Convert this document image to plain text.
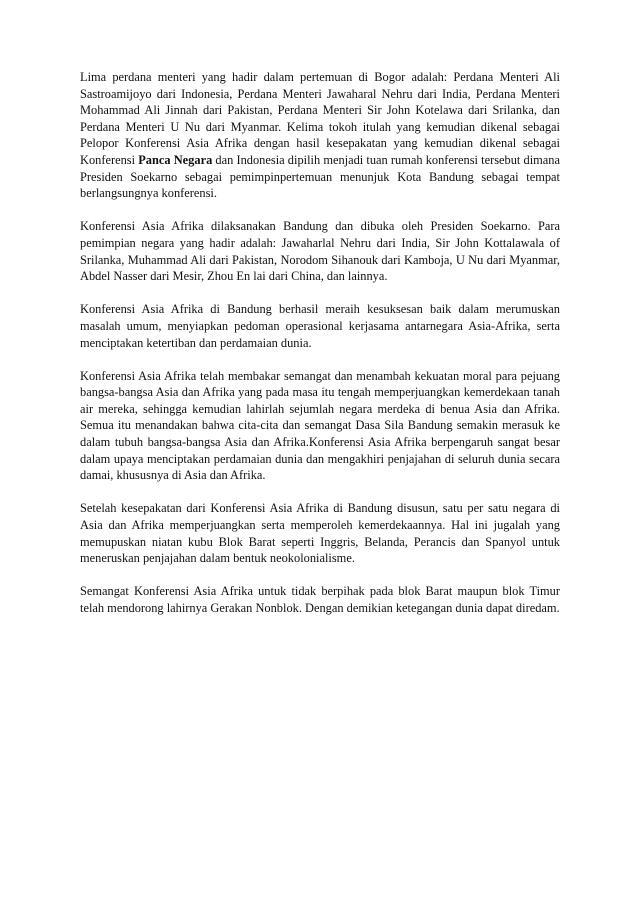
Lima perdana menteri yang hadir dalam pertemuan di Bogor adalah: Perdana Menteri Ali Sastroamijoyo dari Indonesia, Perdana Menteri Jawaharal Nehru dari India, Perdana Menteri Mohammad Ali Jinnah dari Pakistan, Perdana Menteri Sir John Kotelawa dari Srilanka, dan Perdana Menteri U Nu dari Myanmar. Kelima tokoh itulah yang kemudian dikenal sebagai Pelopor Konferensi Asia Afrika dengan hasil kesepakatan yang kemudian dikenal sebagai Konferensi Panca Negara dan Indonesia dipilih menjadi tuan rumah konferensi tersebut dimana Presiden Soekarno sebagai pemimpinpertemuan menunjuk Kota Bandung sebagai tempat berlangsungnya konferensi.

Konferensi Asia Afrika dilaksanakan Bandung dan dibuka oleh Presiden Soekarno. Para pemimpian negara yang hadir adalah: Jawaharlal Nehru dari India, Sir John Kottalawala of Srilanka, Muhammad Ali dari Pakistan, Norodom Sihanouk dari Kamboja, U Nu dari Myanmar, Abdel Nasser dari Mesir, Zhou En lai dari China, dan lainnya.

Konferensi Asia Afrika di Bandung berhasil meraih kesuksesan baik dalam merumuskan masalah umum, menyiapkan pedoman operasional kerjasama antarnegara Asia-Afrika, serta menciptakan ketertiban dan perdamaian dunia.

Konferensi Asia Afrika telah membakar semangat dan menambah kekuatan moral para pejuang bangsa-bangsa Asia dan Afrika yang pada masa itu tengah memperjuangkan kemerdekaan tanah air mereka, sehingga kemudian lahirlah sejumlah negara merdeka di benua Asia dan Afrika. Semua itu menandakan bahwa cita-cita dan semangat Dasa Sila Bandung semakin merasuk ke dalam tubuh bangsa-bangsa Asia dan Afrika.Konferensi Asia Afrika berpengaruh sangat besar dalam upaya menciptakan perdamaian dunia dan mengakhiri penjajahan di seluruh dunia secara damai, khususnya di Asia dan Afrika.

Setelah kesepakatan dari Konferensi Asia Afrika di Bandung disusun, satu per satu negara di Asia dan Afrika memperjuangkan serta memperoleh kemerdekaannya. Hal ini jugalah yang memupuskan niatan kubu Blok Barat seperti Inggris, Belanda, Perancis dan Spanyol untuk meneruskan penjajahan dalam bentuk neokolonialisme.

Semangat Konferensi Asia Afrika untuk tidak berpihak pada blok Barat maupun blok Timur telah mendorong lahirnya Gerakan Nonblok. Dengan demikian ketegangan dunia dapat diredam.
